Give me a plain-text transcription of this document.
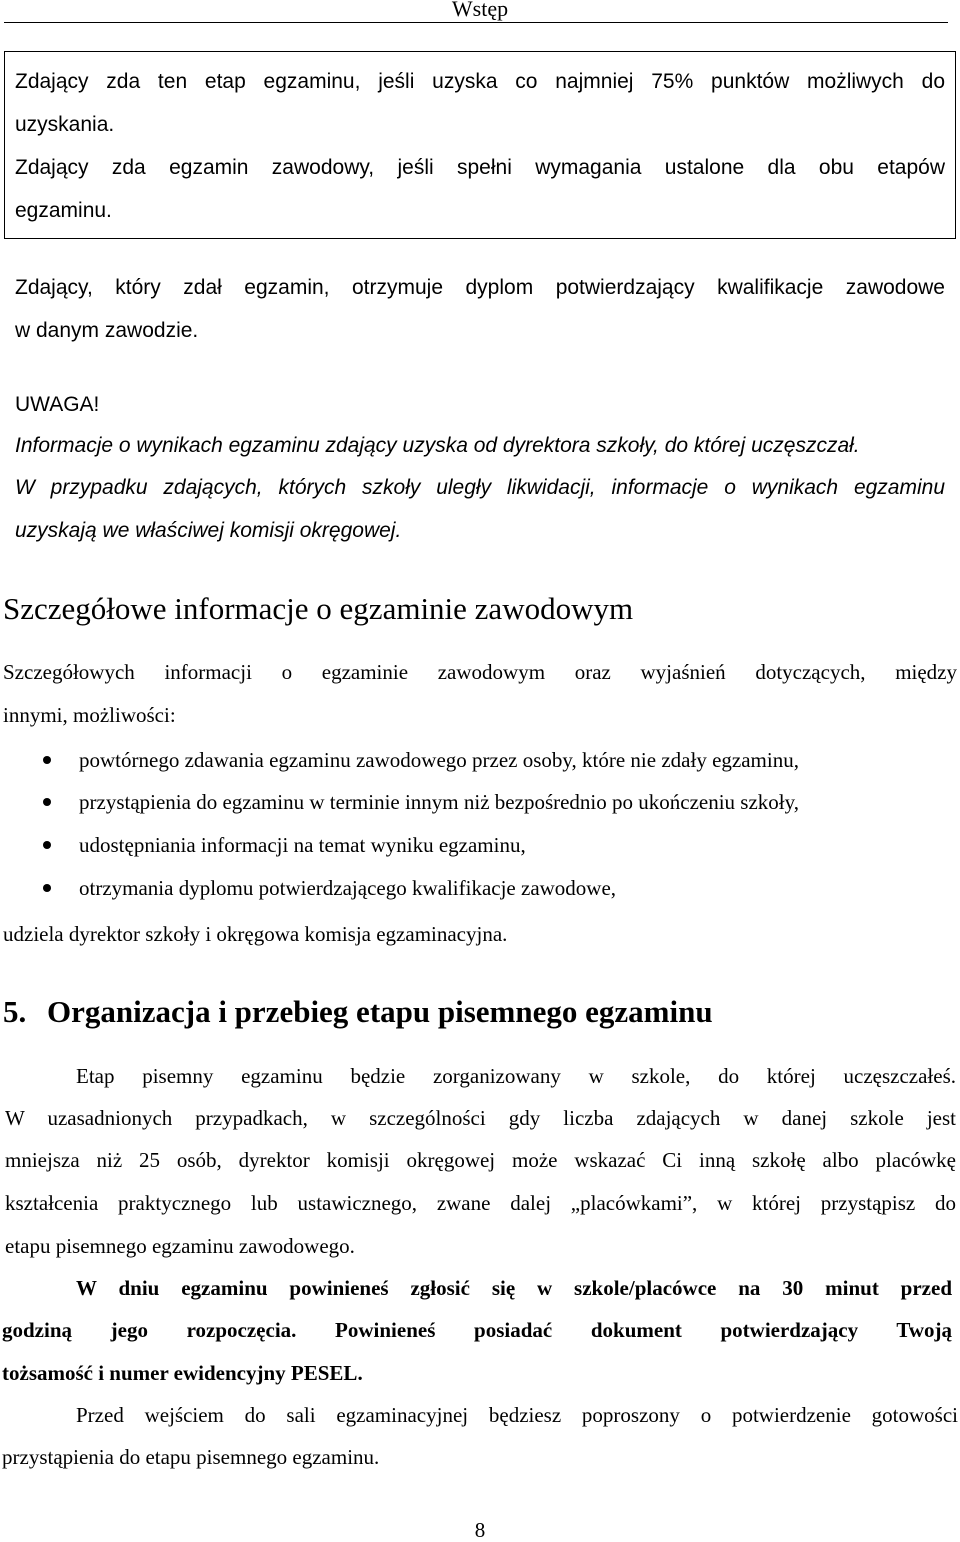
Wstęp
Zdający zda ten etap egzaminu, jeśli uzyska co najmniej 75% punktów możliwych do
uzyskania.
Zdający zda egzamin zawodowy, jeśli spełni wymagania ustalone dla obu etapów
egzaminu.
Zdający, który zdał egzamin, otrzymuje dyplom potwierdzający kwalifikacje zawodowe
w danym zawodzie.
UWAGA!
Informacje o wynikach egzaminu zdający uzyska od dyrektora szkoły, do której uczęszczał.
W przypadku zdających, których szkoły uległy likwidacji, informacje o wynikach egzaminu
uzyskają we właściwej komisji okręgowej.
Szczegółowe informacje o egzaminie zawodowym
Szczegółowych informacji o egzaminie zawodowym oraz wyjaśnień dotyczących, między
innymi, możliwości:
powtórnego zdawania egzaminu zawodowego przez osoby, które nie zdały egzaminu,
przystąpienia do egzaminu w terminie innym niż bezpośrednio po ukończeniu szkoły,
udostępniania informacji na temat wyniku egzaminu,
otrzymania dyplomu potwierdzającego kwalifikacje zawodowe,
udziela dyrektor szkoły i okręgowa komisja egzaminacyjna.
5. Organizacja i przebieg etapu pisemnego egzaminu
Etap pisemny egzaminu będzie zorganizowany w szkole, do której uczęszczałeś.
W uzasadnionych przypadkach, w szczególności gdy liczba zdających w danej szkole jest
mniejsza niż 25 osób, dyrektor komisji okręgowej może wskazać Ci inną szkołę albo placówkę
kształcenia praktycznego lub ustawicznego, zwane dalej „placówkami”, w której przystąpisz do
etapu pisemnego egzaminu zawodowego.
W dniu egzaminu powinieneś zgłosić się w szkole/placówce na 30 minut przed
godziną jego rozpoczęcia. Powinieneś posiadać dokument potwierdzający Twoją
tożsamość i numer ewidencyjny PESEL.
Przed wejściem do sali egzaminacyjnej będziesz poproszony o potwierdzenie gotowości
przystąpienia do etapu pisemnego egzaminu.
8
